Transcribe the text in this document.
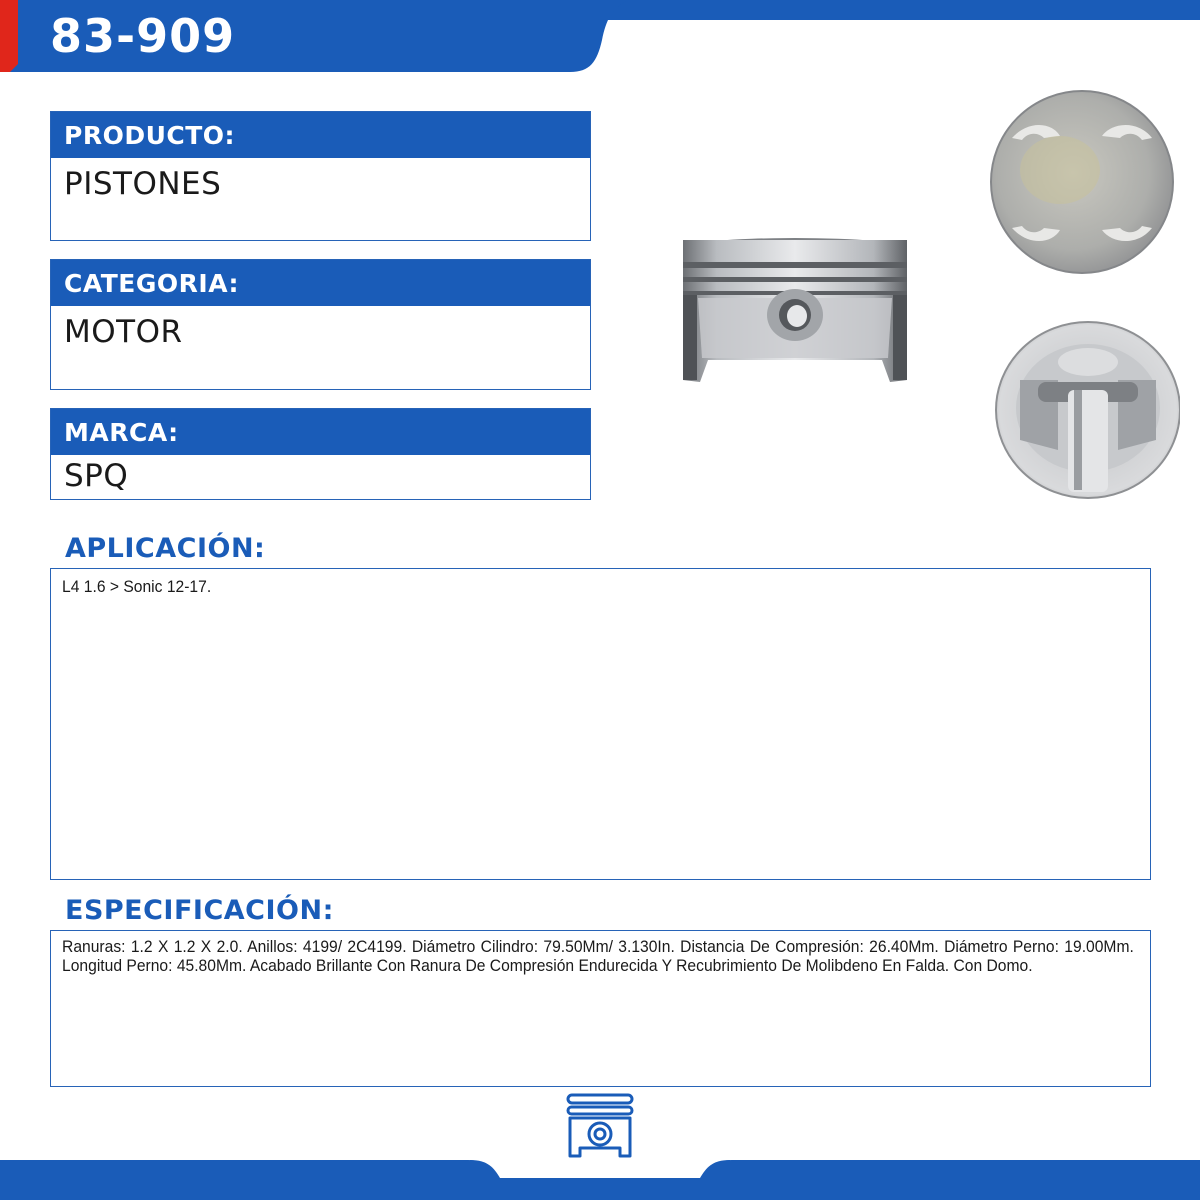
83-909
PRODUCTO:
PISTONES
CATEGORIA:
MOTOR
MARCA:
SPQ
APLICACIÓN:
L4 1.6 > Sonic 12-17.
ESPECIFICACIÓN:
Ranuras: 1.2 X 1.2 X 2.0. Anillos: 4199/ 2C4199. Diámetro Cilindro: 79.50Mm/ 3.130In. Distancia De Compresión: 26.40Mm. Diámetro Perno: 19.00Mm. Longitud Perno: 45.80Mm. Acabado Brillante Con Ranura De Compresión Endurecida Y Recubrimiento De Molibdeno En Falda. Con Domo.
MOTOR
